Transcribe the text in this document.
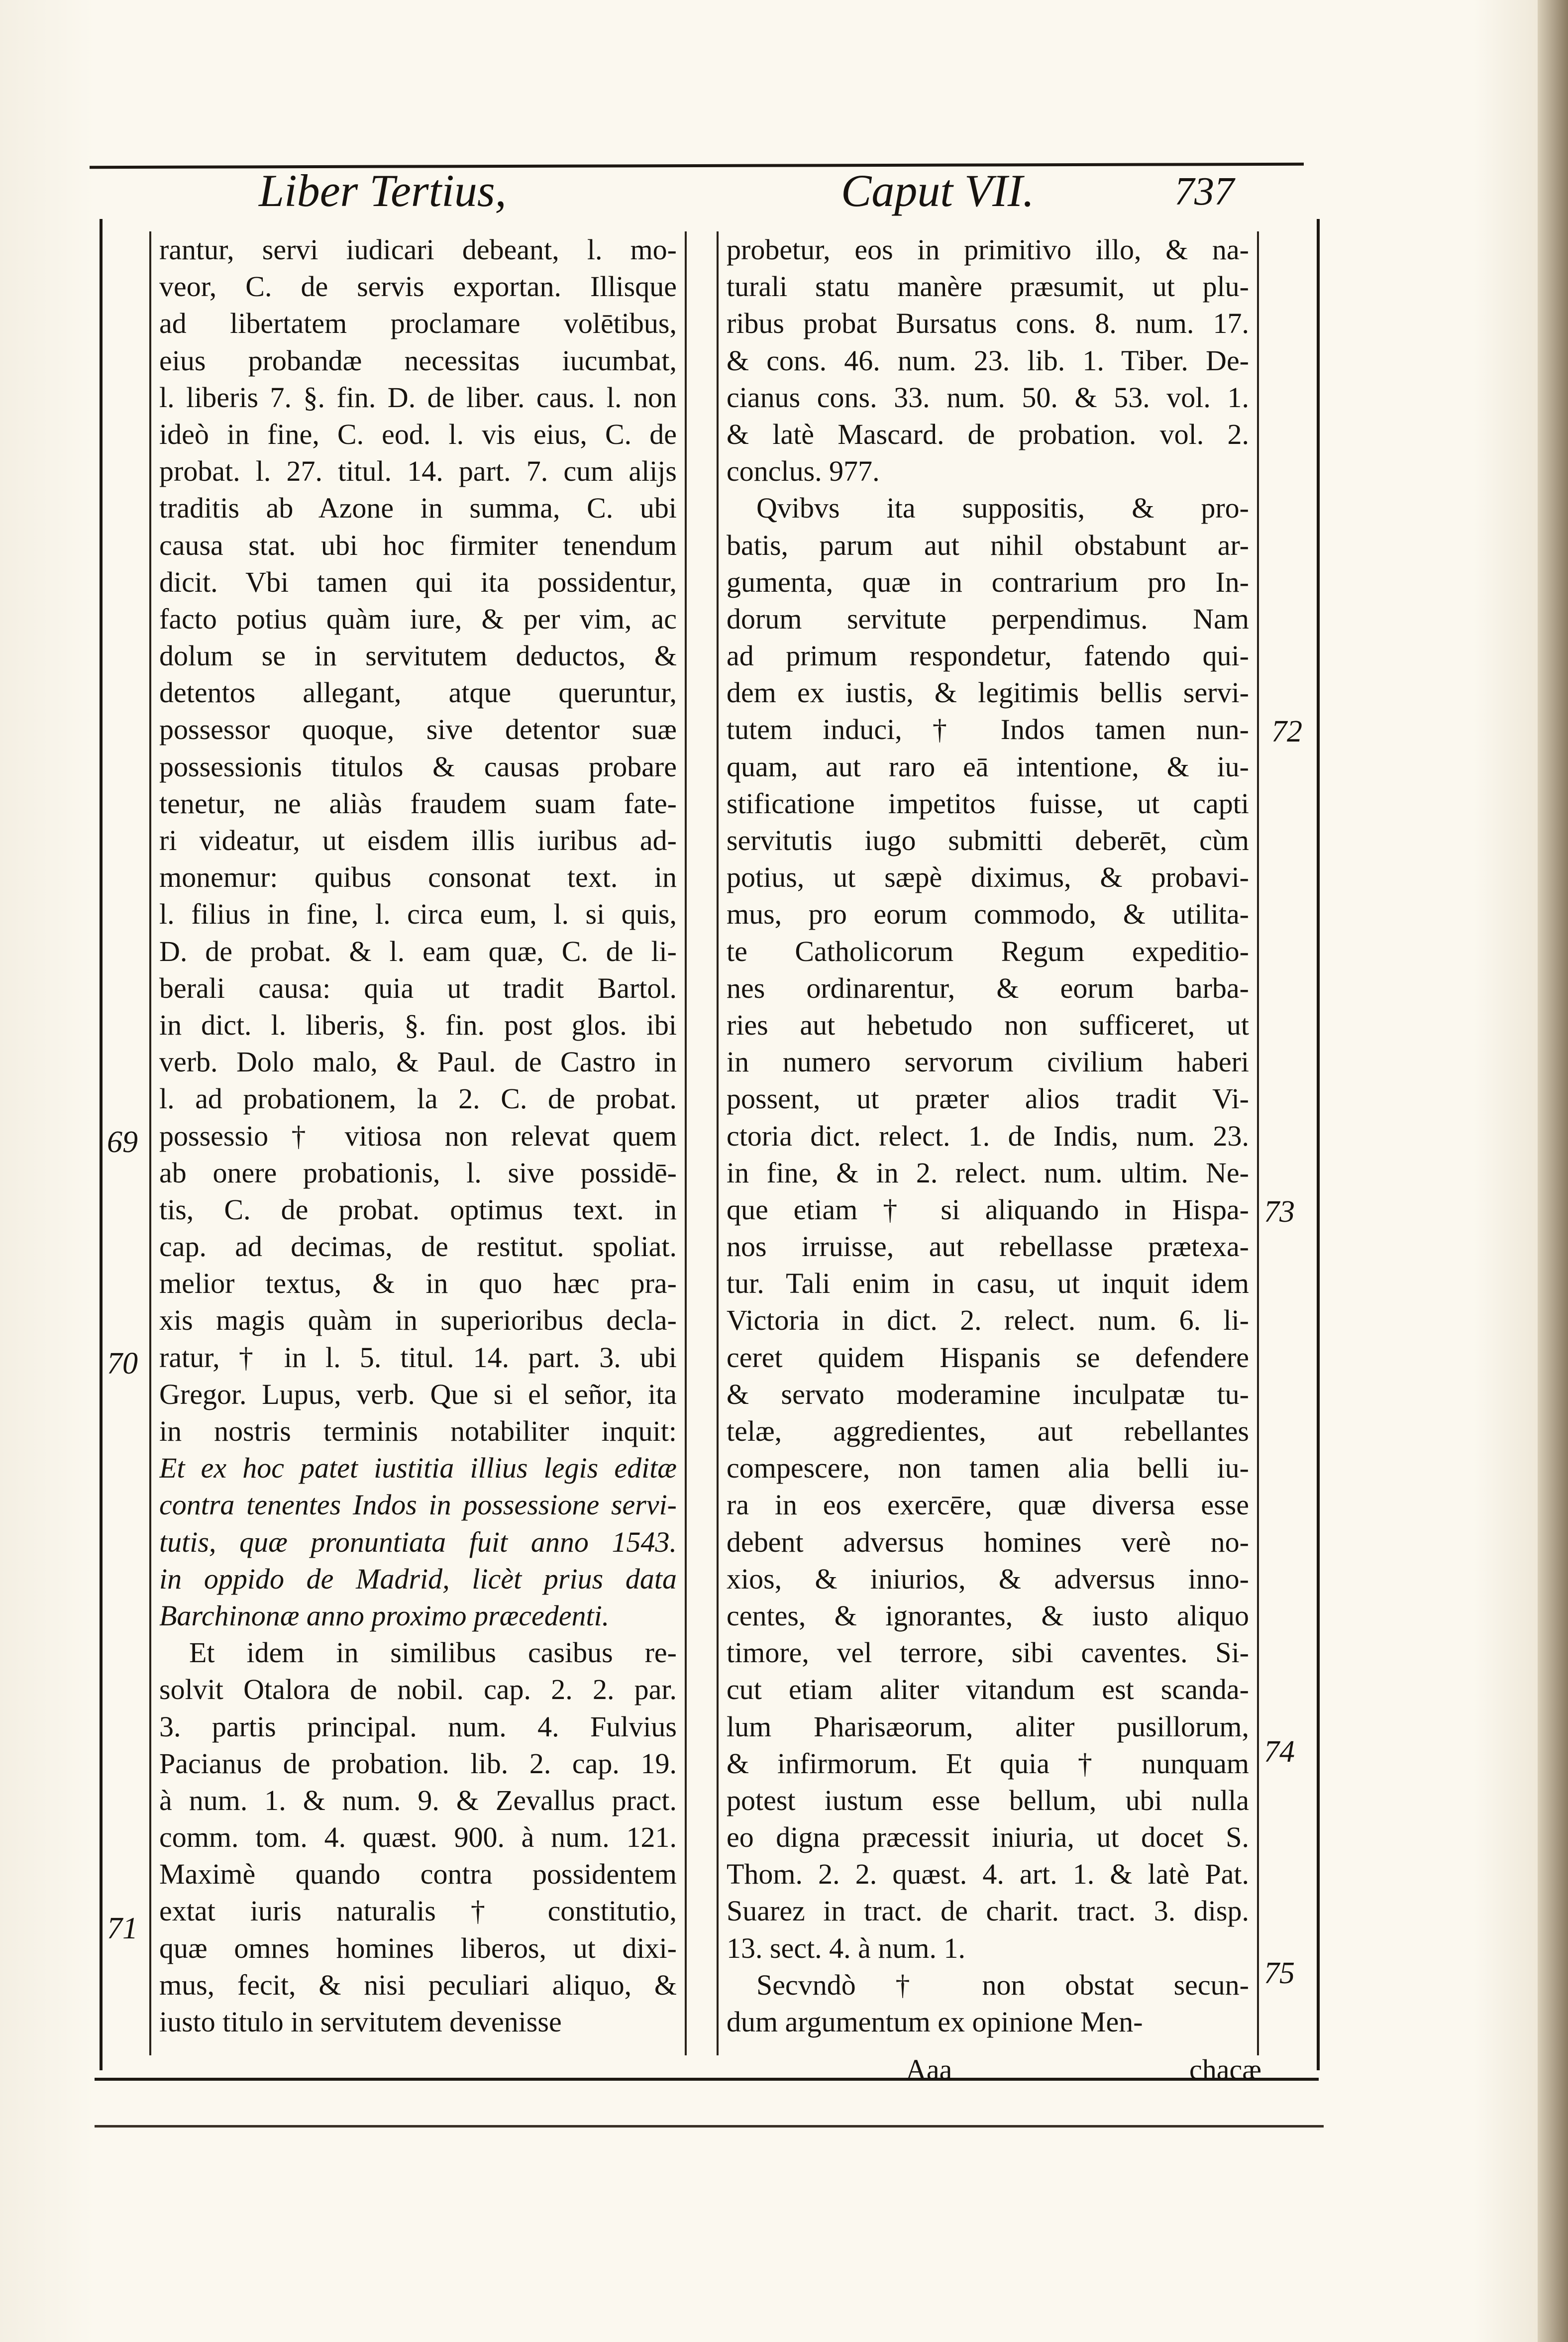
Liber Tertius,	Caput VII.	737
rantur, servi iudicari debeant, l. mo-
veor, C. de servis exportan. Illisque
ad libertatem proclamare volētibus,
eius probandæ necessitas iucumbat,
l. liberis 7. §. fin. D. de liber. caus. l. non
ideò in fine, C. eod. l. vis eius, C. de
probat. l. 27. titul. 14. part. 7. cum alijs
traditis ab Azone in summa, C. ubi
causa stat. ubi hoc firmiter tenendum
dicit. Vbi tamen qui ita possidentur,
facto potius quàm iure, & per vim, ac
dolum se in servitutem deductos, &
detentos allegant, atque queruntur,
possessor quoque, sive detentor suæ
possessionis titulos & causas probare
tenetur, ne aliàs fraudem suam fate-
ri videatur, ut eisdem illis iuribus ad-
monemur: quibus consonat text. in
l. filius in fine, l. circa eum, l. si quis,
D. de probat. & l. eam quæ, C. de li-
berali causa: quia ut tradit Bartol.
in dict. l. liberis, §. fin. post glos. ibi
verb. Dolo malo, & Paul. de Castro in
l. ad probationem, la 2. C. de probat.
possessio † vitiosa non relevat quem
ab onere probationis, l. sive possidē-
tis, C. de probat. optimus text. in
cap. ad decimas, de restitut. spoliat.
melior textus, & in quo hæc pra-
xis magis quàm in superioribus decla-
ratur, † in l. 5. titul. 14. part. 3. ubi
Gregor. Lupus, verb. Que si el señor, ita
in nostris terminis notabiliter inquit:
Et ex hoc patet iustitia illius legis editæ
contra tenentes Indos in possessione servi-
tutis, quæ pronuntiata fuit anno 1543.
in oppido de Madrid, licèt prius data
Barchinonæ anno proximo præcedenti.
Et idem in similibus casibus re-
solvit Otalora de nobil. cap. 2. 2. par.
3. partis principal. num. 4. Fulvius
Pacianus de probation. lib. 2. cap. 19.
à num. 1. & num. 9. & Zevallus pract.
comm. tom. 4. quæst. 900. à num. 121.
Maximè quando contra possidentem
extat iuris naturalis † constitutio,
quæ omnes homines liberos, ut dixi-
mus, fecit, & nisi peculiari aliquo, &
iusto titulo in servitutem devenisse
probetur, eos in primitivo illo, & na-
turali statu manère præsumit, ut plu-
ribus probat Bursatus cons. 8. num. 17.
& cons. 46. num. 23. lib. 1. Tiber. De-
cianus cons. 33. num. 50. & 53. vol. 1.
& latè Mascard. de probation. vol. 2.
conclus. 977.
Qvibvs ita suppositis, & pro-
batis, parum aut nihil obstabunt ar-
gumenta, quæ in contrarium pro In-
dorum servitute perpendimus. Nam
ad primum respondetur, fatendo qui-
dem ex iustis, & legitimis bellis servi-
tutem induci, † Indos tamen nun-
quam, aut raro eā intentione, & iu-
stificatione impetitos fuisse, ut capti
servitutis iugo submitti deberēt, cùm
potius, ut sæpè diximus, & probavi-
mus, pro eorum commodo, & utilita-
te Catholicorum Regum expeditio-
nes ordinarentur, & eorum barba-
ries aut hebetudo non sufficeret, ut
in numero servorum civilium haberi
possent, ut præter alios tradit Vi-
ctoria dict. relect. 1. de Indis, num. 23.
in fine, & in 2. relect. num. ultim. Ne-
que etiam † si aliquando in Hispa-
nos irruisse, aut rebellasse prætexa-
tur. Tali enim in casu, ut inquit idem
Victoria in dict. 2. relect. num. 6. li-
ceret quidem Hispanis se defendere
& servato moderamine inculpatæ tu-
telæ, aggredientes, aut rebellantes
compescere, non tamen alia belli iu-
ra in eos exercēre, quæ diversa esse
debent adversus homines verè no-
xios, & iniurios, & adversus inno-
centes, & ignorantes, & iusto aliquo
timore, vel terrore, sibi caventes. Si-
cut etiam aliter vitandum est scanda-
lum Pharisæorum, aliter pusillorum,
& infirmorum. Et quia † nunquam
potest iustum esse bellum, ubi nulla
eo digna præcessit iniuria, ut docet S.
Thom. 2. 2. quæst. 4. art. 1. & latè Pat.
Suarez in tract. de charit. tract. 3. disp.
13. sect. 4. à num. 1.
Secvndò † non obstat secun-
dum argumentum ex opinione Men-
69
70
71
72
73
74
75
Aaa	chacæ
